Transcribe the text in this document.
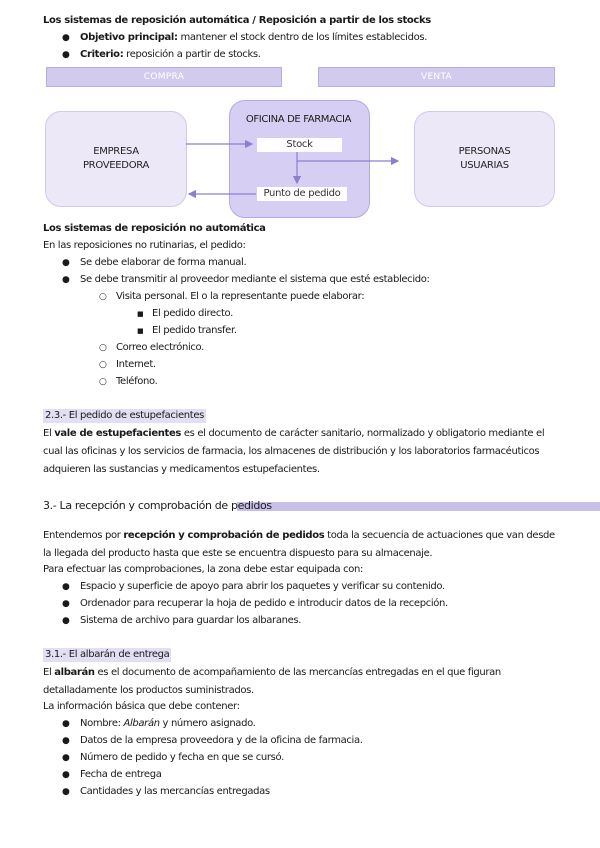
Los sistemas de reposición automática / Reposición a partir de los stocks
●
Objetivo principal: mantener el stock dentro de los límites establecidos.
●
Criterio: reposición a partir de stocks.
COMPRA	VENTA
EMPRESA
PROVEEDORA
PERSONAS
USUARIAS
OFICINA DE FARMACIA
Stock
Punto de pedido
Los sistemas de reposición no automática
En las reposiciones no rutinarias, el pedido:
●
Se debe elaborar de forma manual.
●
Se debe transmitir al proveedor mediante el sistema que esté establecido:
○
Visita personal. El o la representante puede elaborar:
■
El pedido directo.
■
El pedido transfer.
○
Correo electrónico.
○
Internet.
○
Teléfono.
2.3.- El pedido de estupefacientes
El vale de estupefacientes es el documento de carácter sanitario, normalizado y obligatorio mediante el cual las oficinas y los servicios de farmacia, los almacenes de distribución y los laboratorios farmacéuticos adquieren las sustancias y medicamentos estupefacientes.
3.- La recepción y comprobación de pedidos
Entendemos por recepción y comprobación de pedidos toda la secuencia de actuaciones que van desde la llegada del producto hasta que este se encuentra dispuesto para su almacenaje.
Para efectuar las comprobaciones, la zona debe estar equipada con:
●
Espacio y superficie de apoyo para abrir los paquetes y verificar su contenido.
●
Ordenador para recuperar la hoja de pedido e introducir datos de la recepción.
●
Sistema de archivo para guardar los albaranes.
3.1.- El albarán de entrega
El albarán es el documento de acompañamiento de las mercancías entregadas en el que figuran detalladamente los productos suministrados.
La información básica que debe contener:
●
Nombre: Albarán y número asignado.
●
Datos de la empresa proveedora y de la oficina de farmacia.
●
Número de pedido y fecha en que se cursó.
●
Fecha de entrega
●
Cantidades y las mercancías entregadas
